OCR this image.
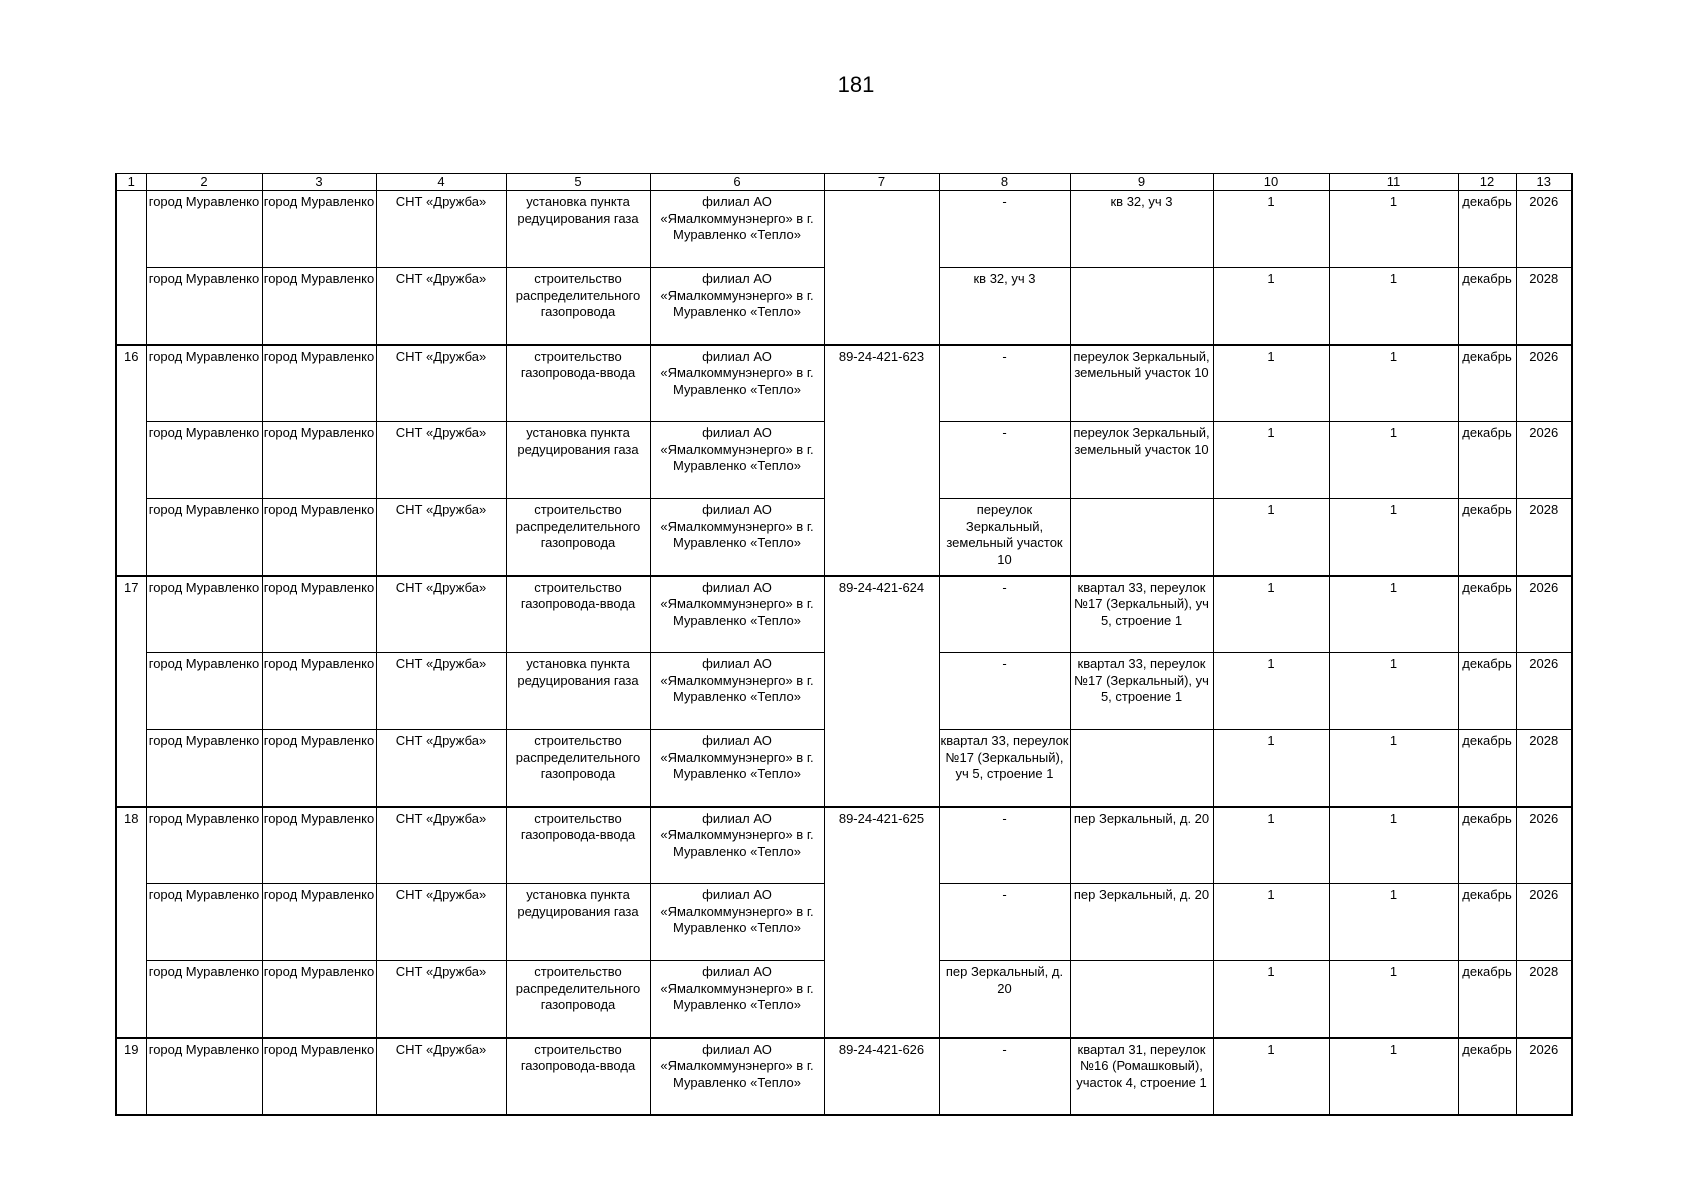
181
1	2	3	4	5	6	7	8	9	10	11	12	13

	город Муравленко	город Муравленко	СНТ «Дружба»	установка пункта редуцирования газа	филиал АО «Ямалкоммунэнерго» в г. Муравленко «Тепло»		-	кв 32, уч 3	1	1	декабрь	2026

	город Муравленко	город Муравленко	СНТ «Дружба»	строительство распределительного газопровода	филиал АО «Ямалкоммунэнерго» в г. Муравленко «Тепло»		кв 32, уч 3		1	1	декабрь	2028

16	город Муравленко	город Муравленко	СНТ «Дружба»	строительство газопровода-ввода	филиал АО «Ямалкоммунэнерго» в г. Муравленко «Тепло»	89-24-421-623	-	переулок Зеркальный, земельный участок 10	1	1	декабрь	2026

	город Муравленко	город Муравленко	СНТ «Дружба»	установка пункта редуцирования газа	филиал АО «Ямалкоммунэнерго» в г. Муравленко «Тепло»		-	переулок Зеркальный, земельный участок 10	1	1	декабрь	2026

	город Муравленко	город Муравленко	СНТ «Дружба»	строительство распределительного газопровода	филиал АО «Ямалкоммунэнерго» в г. Муравленко «Тепло»		переулок Зеркальный, земельный участок 10		1	1	декабрь	2028

17	город Муравленко	город Муравленко	СНТ «Дружба»	строительство газопровода-ввода	филиал АО «Ямалкоммунэнерго» в г. Муравленко «Тепло»	89-24-421-624	-	квартал 33, переулок №17 (Зеркальный), уч 5, строение 1	1	1	декабрь	2026

	город Муравленко	город Муравленко	СНТ «Дружба»	установка пункта редуцирования газа	филиал АО «Ямалкоммунэнерго» в г. Муравленко «Тепло»		-	квартал 33, переулок №17 (Зеркальный), уч 5, строение 1	1	1	декабрь	2026

	город Муравленко	город Муравленко	СНТ «Дружба»	строительство распределительного газопровода	филиал АО «Ямалкоммунэнерго» в г. Муравленко «Тепло»		квартал 33, переулок №17 (Зеркальный), уч 5, строение 1		1	1	декабрь	2028

18	город Муравленко	город Муравленко	СНТ «Дружба»	строительство газопровода-ввода	филиал АО «Ямалкоммунэнерго» в г. Муравленко «Тепло»	89-24-421-625	-	пер Зеркальный, д. 20	1	1	декабрь	2026

	город Муравленко	город Муравленко	СНТ «Дружба»	установка пункта редуцирования газа	филиал АО «Ямалкоммунэнерго» в г. Муравленко «Тепло»		-	пер Зеркальный, д. 20	1	1	декабрь	2026

	город Муравленко	город Муравленко	СНТ «Дружба»	строительство распределительного газопровода	филиал АО «Ямалкоммунэнерго» в г. Муравленко «Тепло»		пер Зеркальный, д. 20		1	1	декабрь	2028

19	город Муравленко	город Муравленко	СНТ «Дружба»	строительство газопровода-ввода	филиал АО «Ямалкоммунэнерго» в г. Муравленко «Тепло»	89-24-421-626	-	квартал 31, переулок №16 (Ромашковый), участок 4, строение 1	1	1	декабрь	2026
